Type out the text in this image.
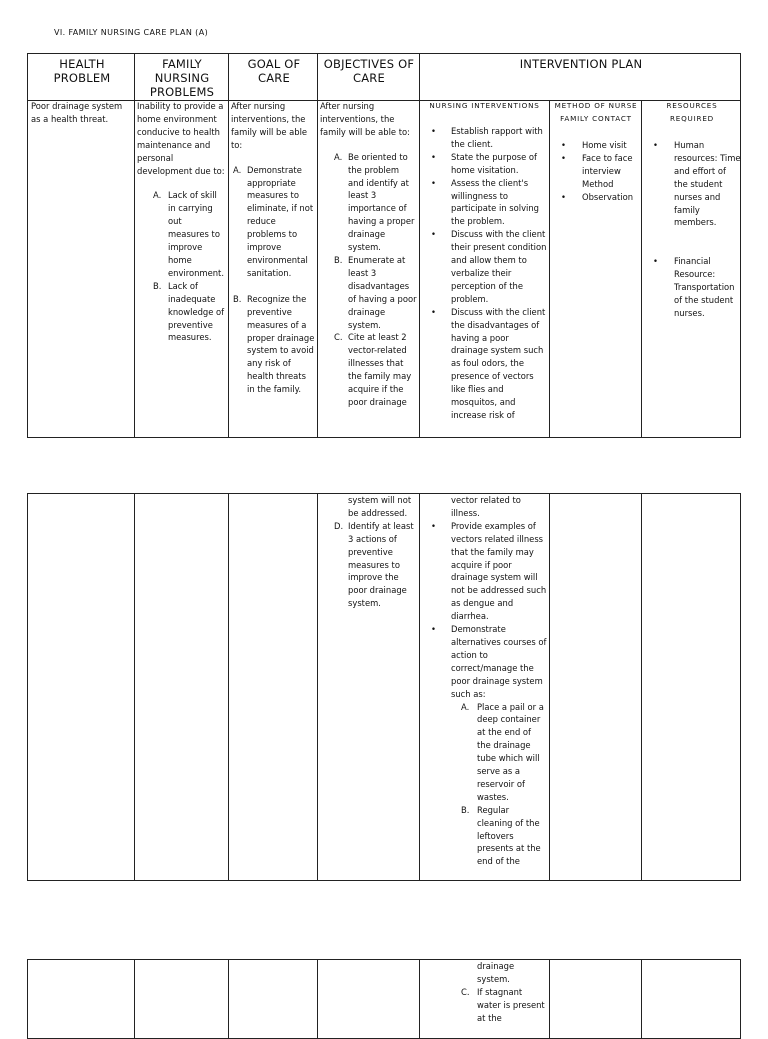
VI. FAMILY NURSING CARE PLAN (A)
HEALTH PROBLEM
FAMILY NURSING PROBLEMS
GOAL OF CARE
OBJECTIVES OF CARE
INTERVENTION PLAN
NURSING INTERVENTIONS	METHOD OF NURSE FAMILY CONTACT
RESOURCES REQUIRED

Poor drainage system as a health threat.

Inability to provide a home environment conducive to health maintenance and personal development due to:

A. Lack of skill in carrying out measures to improve home environment.
B. Lack of inadequate knowledge of preventive measures.

After nursing interventions, the family will be able to:

A. Demonstrate appropriate measures to eliminate, if not reduce problems to improve environmental sanitation.
B. Recognize the preventive measures of a proper drainage system to avoid any risk of health threats in the family.

After nursing interventions, the family will be able to:

A. Be oriented to the problem and identify at least 3 importance of having a proper drainage system.
B. Enumerate at least 3 disadvantages of having a poor drainage system.
C. Cite at least 2 vector-related illnesses that the family may acquire if the poor drainage
• Establish rapport with the client.
• State the purpose of home visitation.
• Assess the client's willingness to participate in solving the problem.
• Discuss with the client their present condition and allow them to verbalize their perception of the problem.
• Discuss with the client the disadvantages of having a poor drainage system such as foul odors, the presence of vectors like flies and mosquitos, and increase risk of
• Home visit
• Face to face interview Method
• Observation
• Human resources: Time and effort of the student nurses and family members.
• Financial Resource: Transportation of the student nurses.

system will not be addressed.

D. Identify at least 3 actions of preventive measures to improve the poor drainage system.

vector related to illness.

• Provide examples of vectors related illness that the family may acquire if poor drainage system will not be addressed such as dengue and diarrhea.
• Demonstrate alternatives courses of action to correct/manage the poor drainage system such as:
A. Place a pail or a deep container at the end of the drainage tube which will serve as a reservoir of wastes.
B. Regular cleaning of the leftovers presents at the end of the

drainage system.

C. If stagnant water is present at the
